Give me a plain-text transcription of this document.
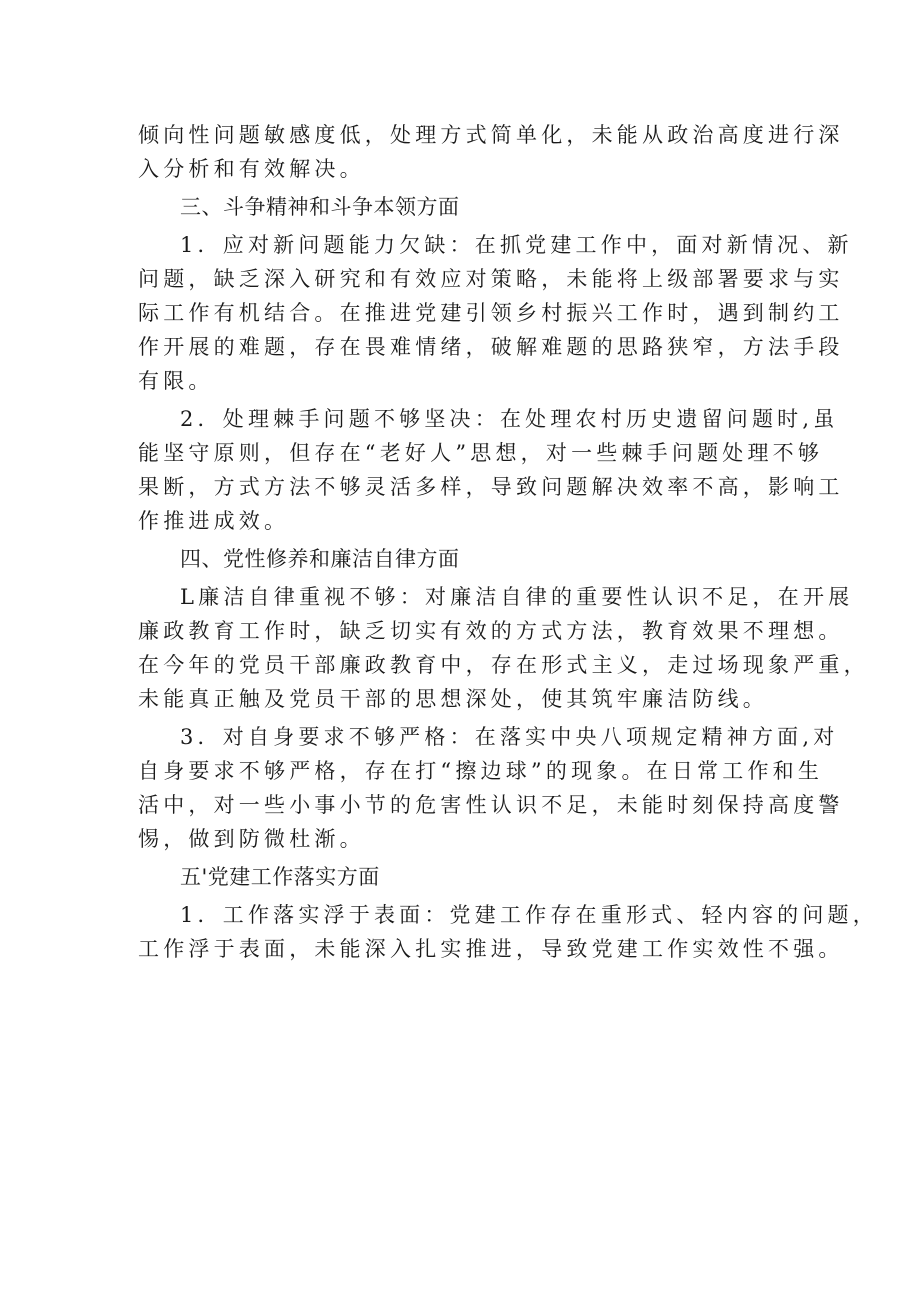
倾向性问题敏感度低，处理方式简单化，未能从政治高度进行深
入分析和有效解决。
三、斗争精神和斗争本领方面
1．应对新问题能力欠缺：在抓党建工作中，面对新情况、新
问题，缺乏深入研究和有效应对策略，未能将上级部署要求与实
际工作有机结合。在推进党建引领乡村振兴工作时，遇到制约工
作开展的难题，存在畏难情绪，破解难题的思路狭窄，方法手段
有限。
2．处理棘手问题不够坚决：在处理农村历史遗留问题时,虽
能坚守原则，但存在“老好人”思想，对一些棘手问题处理不够
果断，方式方法不够灵活多样，导致问题解决效率不高，影响工
作推进成效。
四、党性修养和廉洁自律方面
L廉洁自律重视不够：对廉洁自律的重要性认识不足，在开展
廉政教育工作时，缺乏切实有效的方式方法，教育效果不理想。
在今年的党员干部廉政教育中，存在形式主义，走过场现象严重，
未能真正触及党员干部的思想深处，使其筑牢廉洁防线。
3．对自身要求不够严格：在落实中央八项规定精神方面,对
自身要求不够严格，存在打“擦边球”的现象。在日常工作和生
活中，对一些小事小节的危害性认识不足，未能时刻保持高度警
惕，做到防微杜渐。
五'党建工作落实方面
1．工作落实浮于表面：党建工作存在重形式、轻内容的问题，
工作浮于表面，未能深入扎实推进，导致党建工作实效性不强。
